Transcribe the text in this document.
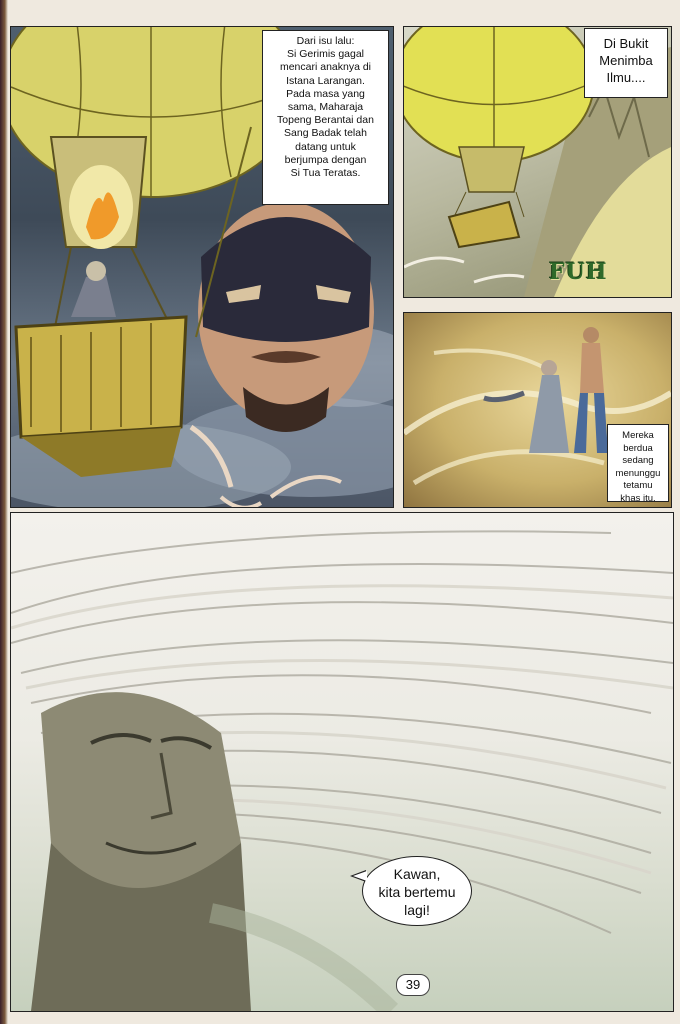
Dari isu lalu:
Si Gerimis gagal
mencari anaknya di
Istana Larangan.
Pada masa yang
sama, Maharaja
Topeng Berantai dan
Sang Badak telah
datang untuk
berjumpa dengan
Si Tua Teratas.
FUH
Di Bukit
Menimba
Ilmu....
Mereka
berdua
sedang
menunggu
tetamu
khas itu.
Kawan,
kita bertemu
lagi!
39
